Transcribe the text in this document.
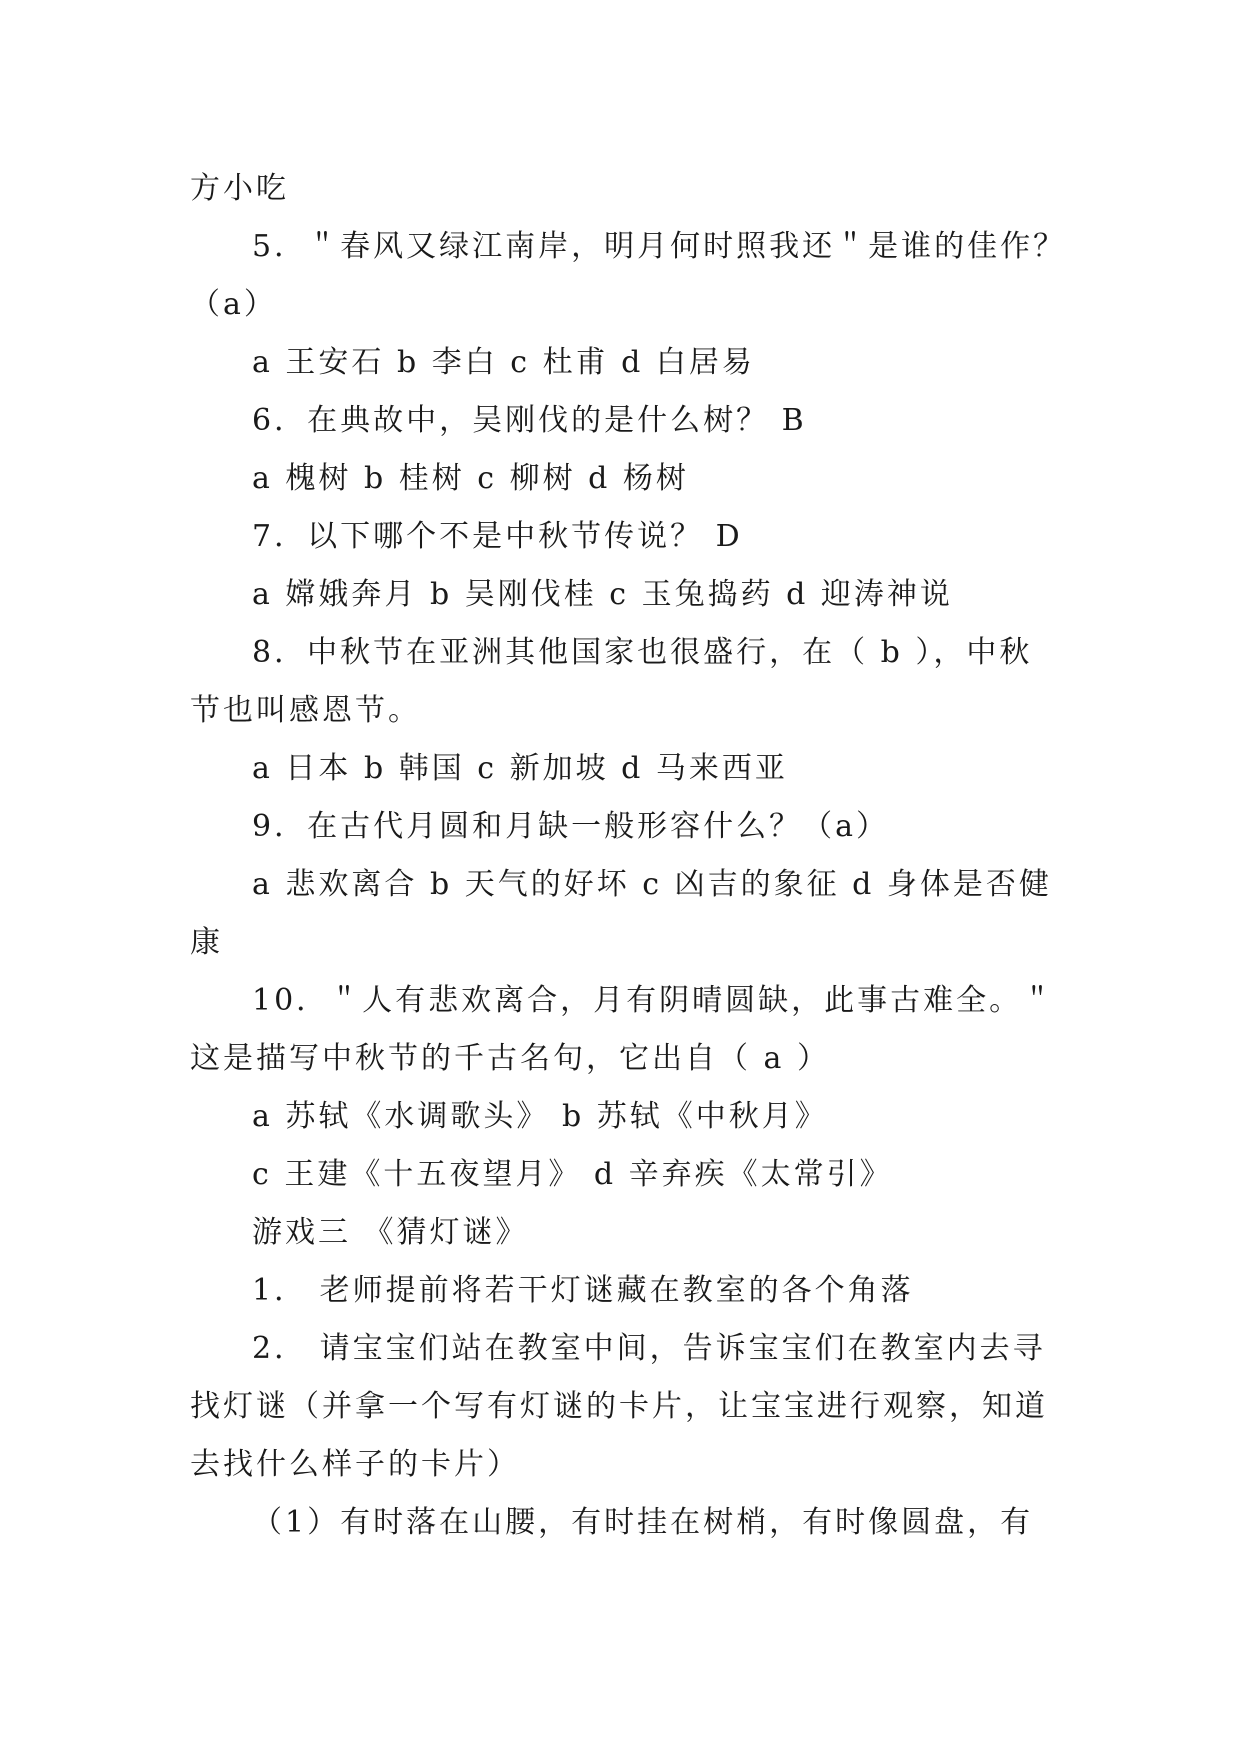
方小吃
5．＂春风又绿江南岸，明月何时照我还＂是谁的佳作？
（a）
a 王安石 b 李白 c 杜甫 d 白居易
6．在典故中，吴刚伐的是什么树？ B
a 槐树 b 桂树 c 柳树 d 杨树
7．以下哪个不是中秋节传说？ D
a 嫦娥奔月 b 吴刚伐桂 c 玉兔捣药 d 迎涛神说
8．中秋节在亚洲其他国家也很盛行，在（ b ），中秋
节也叫感恩节。
a 日本 b 韩国 c 新加坡 d 马来西亚
9．在古代月圆和月缺一般形容什么？（a）
a 悲欢离合 b 天气的好坏 c 凶吉的象征 d 身体是否健
康
10．＂人有悲欢离合，月有阴晴圆缺，此事古难全。＂
这是描写中秋节的千古名句，它出自（ a ）
a 苏轼《水调歌头》 b 苏轼《中秋月》
c 王建《十五夜望月》 d 辛弃疾《太常引》
游戏三 《猜灯谜》
1． 老师提前将若干灯谜藏在教室的各个角落
2． 请宝宝们站在教室中间，告诉宝宝们在教室内去寻
找灯谜（并拿一个写有灯谜的卡片，让宝宝进行观察，知道
去找什么样子的卡片）
（1）有时落在山腰，有时挂在树梢，有时像圆盘，有
